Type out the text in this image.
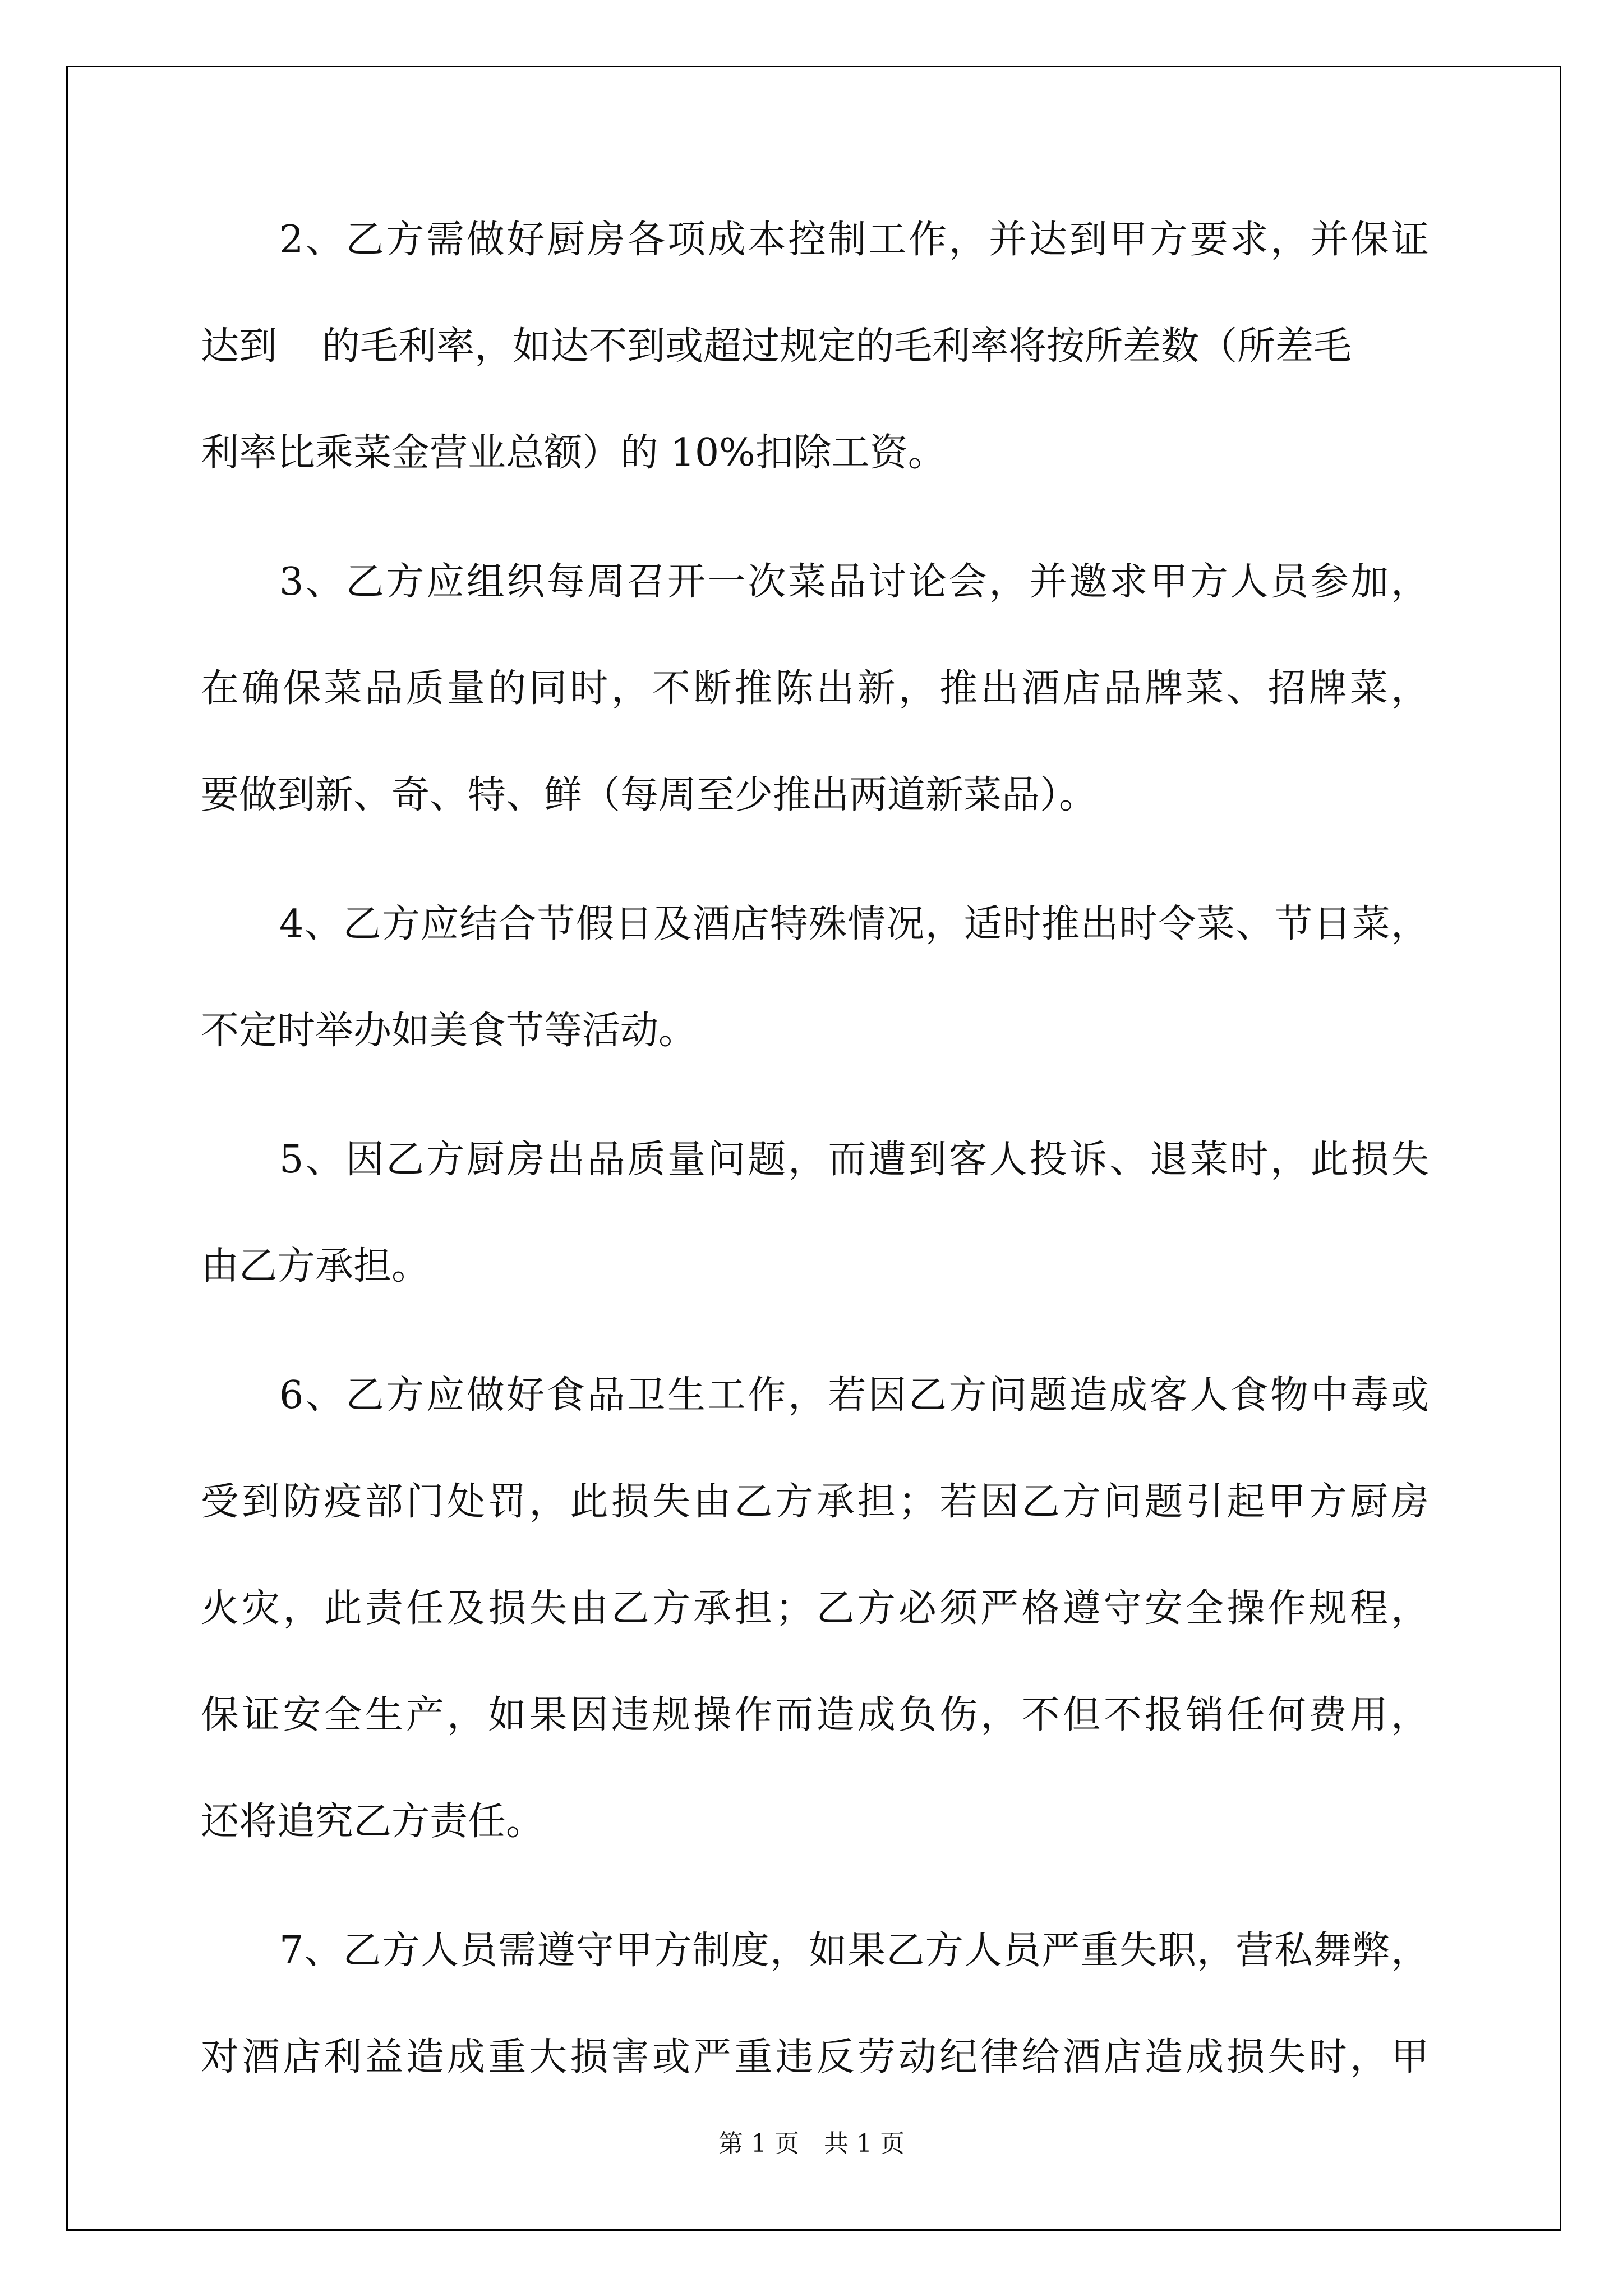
2、乙方需做好厨房各项成本控制工作，并达到甲方要求，并保证
达到 的毛利率，如达不到或超过规定的毛利率将按所差数（所差毛
利率比乘菜金营业总额）的 10%扣除工资。
3、乙方应组织每周召开一次菜品讨论会，并邀求甲方人员参加，
在确保菜品质量的同时，不断推陈出新，推出酒店品牌菜、招牌菜，
要做到新、奇、特、鲜（每周至少推出两道新菜品）。
4、乙方应结合节假日及酒店特殊情况，适时推出时令菜、节日菜，
不定时举办如美食节等活动。
5、因乙方厨房出品质量问题，而遭到客人投诉、退菜时，此损失
由乙方承担。
6、乙方应做好食品卫生工作，若因乙方问题造成客人食物中毒或
受到防疫部门处罚，此损失由乙方承担；若因乙方问题引起甲方厨房
火灾，此责任及损失由乙方承担；乙方必须严格遵守安全操作规程，
保证安全生产，如果因违规操作而造成负伤，不但不报销任何费用，
还将追究乙方责任。
7、乙方人员需遵守甲方制度，如果乙方人员严重失职，营私舞弊，
对酒店利益造成重大损害或严重违反劳动纪律给酒店造成损失时，甲
第 1 页　共 1 页
